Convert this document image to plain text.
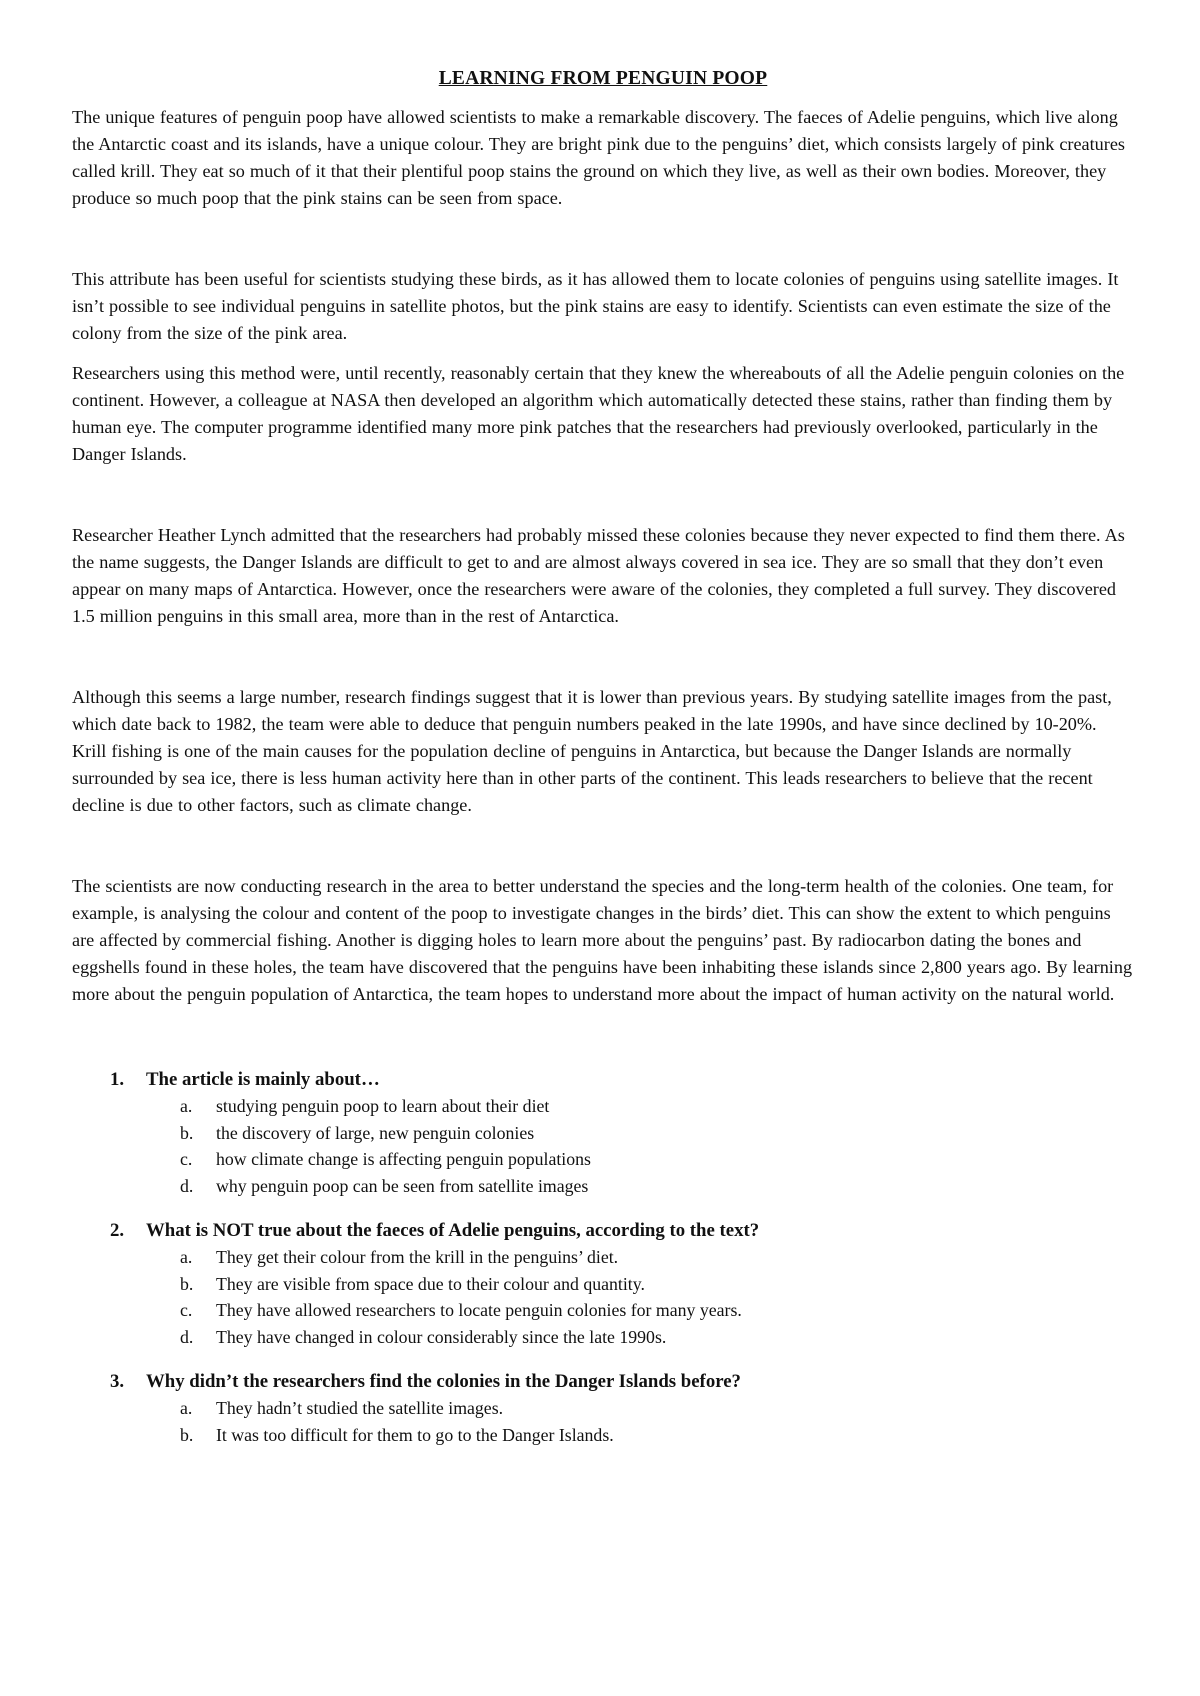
LEARNING FROM PENGUIN POOP

The unique features of penguin poop have allowed scientists to make a remarkable discovery. The faeces of Adelie penguins, which live along the Antarctic coast and its islands, have a unique colour. They are bright pink due to the penguins’ diet, which consists largely of pink creatures called krill. They eat so much of it that their plentiful poop stains the ground on which they live, as well as their own bodies. Moreover, they produce so much poop that the pink stains can be seen from space.

This attribute has been useful for scientists studying these birds, as it has allowed them to locate colonies of penguins using satellite images. It isn’t possible to see individual penguins in satellite photos, but the pink stains are easy to identify. Scientists can even estimate the size of the colony from the size of the pink area.

Researchers using this method were, until recently, reasonably certain that they knew the whereabouts of all the Adelie penguin colonies on the continent. However, a colleague at NASA then developed an algorithm which automatically detected these stains, rather than finding them by human eye. The computer programme identified many more pink patches that the researchers had previously overlooked, particularly in the Danger Islands.

Researcher Heather Lynch admitted that the researchers had probably missed these colonies because they never expected to find them there. As the name suggests, the Danger Islands are difficult to get to and are almost always covered in sea ice. They are so small that they don’t even appear on many maps of Antarctica. However, once the researchers were aware of the colonies, they completed a full survey. They discovered 1.5 million penguins in this small area, more than in the rest of Antarctica.

Although this seems a large number, research findings suggest that it is lower than previous years. By studying satellite images from the past, which date back to 1982, the team were able to deduce that penguin numbers peaked in the late 1990s, and have since declined by 10-20%. Krill fishing is one of the main causes for the population decline of penguins in Antarctica, but because the Danger Islands are normally surrounded by sea ice, there is less human activity here than in other parts of the continent. This leads researchers to believe that the recent decline is due to other factors, such as climate change.

The scientists are now conducting research in the area to better understand the species and the long-term health of the colonies. One team, for example, is analysing the colour and content of the poop to investigate changes in the birds’ diet. This can show the extent to which penguins are affected by commercial fishing. Another is digging holes to learn more about the penguins’ past. By radiocarbon dating the bones and eggshells found in these holes, the team have discovered that the penguins have been inhabiting these islands since 2,800 years ago. By learning more about the penguin population of Antarctica, the team hopes to understand more about the impact of human activity on the natural world.

1.	The article is mainly about…
a.	studying penguin poop to learn about their diet
b.	the discovery of large, new penguin colonies
c.	how climate change is affecting penguin populations
d.	why penguin poop can be seen from satellite images
2.	What is NOT true about the faeces of Adelie penguins, according to the text?
a.	They get their colour from the krill in the penguins’ diet.
b.	They are visible from space due to their colour and quantity.
c.	They have allowed researchers to locate penguin colonies for many years.
d.	They have changed in colour considerably since the late 1990s.
3.	Why didn’t the researchers find the colonies in the Danger Islands before?
a.	They hadn’t studied the satellite images.
b.	It was too difficult for them to go to the Danger Islands.
